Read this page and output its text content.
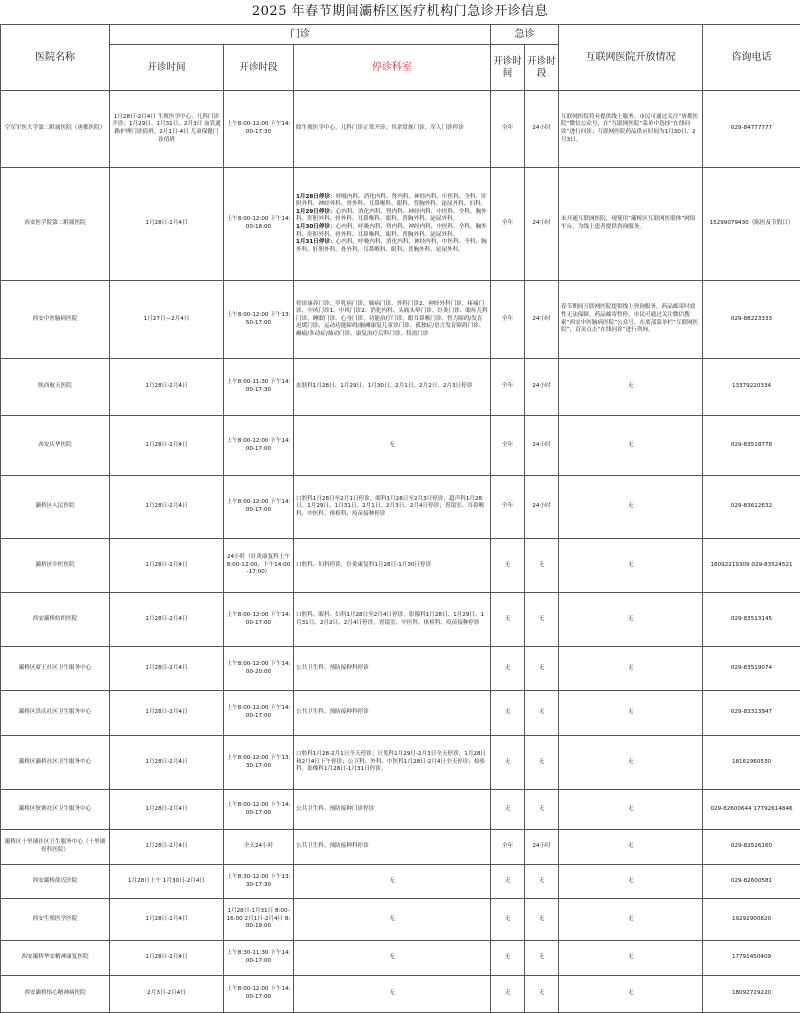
2025 年春节期间灞桥区医疗机构门急诊开诊信息
医院名称	门诊			急诊		互联网医院开放情况	咨询电话
	开诊时间	开诊时段	停诊科室	开诊时间	开诊时段		
空军军医大学第二附属医院（唐都医院）	1月28日-2月4日 生殖医学中心、儿科门诊开诊；1月29日、1月31日、2月3日 血管通路护理门诊值班；2月1日-4日 儿童保健门诊值班	上午8:00-12:00 下午14:00-17:30	除生殖医学中心、儿科门诊正常开诊；其余常规门诊、军人门诊停诊	全年	24小时	互联网医院将有提供线上服务。市民可通过关注“唐都医院”微信公众号，在“互联网医院”菜单中选择“在线问诊”进行问诊；互联网医院药品供应时间为1月30日、2月3日。	029-84777777
西安医学院第二附属医院	1月28日-2月4日	上午8:00-12:00 下午14:00-18:00	1月28日停诊：呼吸内科、消化内科、肾内科、神经内科、中医科、全科、肝胆外科、神经外科、骨外科、耳鼻喉科、眼科、普胸外科、泌尿外科、妇科。
1月29日停诊：心内科、消化内科、肾内科、神经内科、中医科、全科、胸外科、肝胆外科、骨外科、耳鼻喉科、眼科、普胸外科、泌尿外科。
1月30日停诊：心内科、呼吸内科、肾内科、神经内科、中医科、全科、胸外科、肝胆外科、骨外科、耳鼻喉科、眼科、普胸外科、泌尿外科。
1月31日停诊：心内科、呼吸内科、消化内科、神经内科、中医科、全科、胸外科、肝胆外科、骨外科、耳鼻喉科、眼科、普胸外科、泌尿外科。	全年	24小时	未开通互联网医院，现使用“灞桥区互联网医联体”网络平台，为线上患者提供咨询服务。	15299079430（陈医及节假日）
西安中医脑病医院	1月27日—2月4日	上午8:00-12:00 下午13:50-17:00	停诊康养门诊、甲乳病门诊、肺病门诊、外科门诊2、神经外科门诊、疼痛门诊、中风门诊1、中风门诊2、消化内科、头痛头晕门诊、针灸门诊、眼疾儿科门诊、睡眠门诊、心身门诊、功能治疗门诊、眼耳鼻喉门诊、智力障碍/发育迟缓门诊、运动功能障碍/脑瘫康复儿童诊门诊、孤独症/语言发育障碍门诊、癫痫/多动症/抽动门诊、康复治疗后科门诊、特需门诊	全年	24小时	春节期间互联网医院提供线上咨询服务，药品邮寄时效性无法保障，药品邮寄暂停。市民可通过关注微信搜索“西安中医脑病医院”公众号，在底部菜单栏“互联网医院”，首页点击“在线问诊”进行咨询。	029-88223333
陕西航天医院	1月28日-2月4日	上午8:00-11:30 下午14:00-17:30	皮肤科1月28日、1月29日、1月30日、2月1日、2月2日、2月3日停诊	全年	24小时	无	13379220334
西安庆华医院	1月28日-2月4日	上午8:00-12:00 下午14:00-17:00	无	全年	24小时	无	029-83518778
灞桥区人民医院	1月28日-2月4日	上午8:00-12:00 下午14:00-17:00	口腔科1月28日至2月1日停诊，眼科1月28日至2月3日停诊，超声科1月28日、1月29日、1月31日、2月1日、2月3日、2月4日停诊；胃镜室、耳鼻喉科、中医科、体检科、疫苗接种停诊	全年	24小时	无	029-83612632
灞桥区中医医院	1月28日-2月4日	24小时（针灸康复科上午8:00-12:00，下午14:00-17:00）	口腔科、妇科停诊，针灸康复科1月28日-1月30日停诊	无	无	无	18092219309 029-83524521
西安灞桥纺织医院	1月28日-2月4日	上午8:00-12:00 下午14:00-17:00	口腔科、眼科、妇科1月28日至2月4日停诊，影像科1月28日、1月29日、1月31日、2月2日、2月4日停诊，胃镜室、中医科、体检科、疫苗接种停诊	无	无	无	029-83513145
灞桥区席王社区卫生服务中心	1月28日-2月4日	上午8:00-12:00 下午14:00-20:00	公共卫生科、预防接种科停诊	无	无	无	029-83519074
灞桥区洪庆社区卫生服务中心	1月28日-2月4日	上午8:00-12:00 下午14:00-17:00	公共卫生科、预防接种科停诊	无	无	无	029-83313947
灞桥区灞桥社区卫生服务中心	1月28日-2月4日	上午8:00-12:00 下午13:30-17:00	口腔科1月28-2月1日全天停诊；计免科1月29日-2月3日全天停诊，1月28日和2月4日下午停诊；公卫科、外科、中医科1月28日-2月4日全天停诊；检验科、影像科1月28日-1月31日停诊。	无	无	无	18161960530
灞桥区狄寨社区卫生服务中心	1月28日-2月4日	上午8:00-12:00 下午14:00-17:00	公共卫生科、预防接种门诊停诊	无	无	无	029-82600644 17792614846
灞桥区十里铺社区卫生服务中心（十里铺骨科医院）	1月28日-2月4日	全天24小时	公共卫生科、预防接种科停诊	全年	24小时	无	029-82526160
西安灞桥薛氏医院	1月28日上午 1月30日-2月4日	上午8:30-12:00 下午13:30-17:30	无	无	无	无	029-82600581
西安生殖医学医院	1月28日-2月4日	1月28日-1月31日 8:00-16:00 2月1日-2月4日 8:00-19:00	无	无	无	无	19292900820
西安灞桥华安精神康复医院	1月28日-2月4日	上午8:30-11:30 下午14:00-17:00	无	无	无	无	17791450409
西安灞桥怡心精神病医院	2月3日-2月4日	上午8:00-12:00 下午14:00-17:00	无	无	无	无	18092729220
